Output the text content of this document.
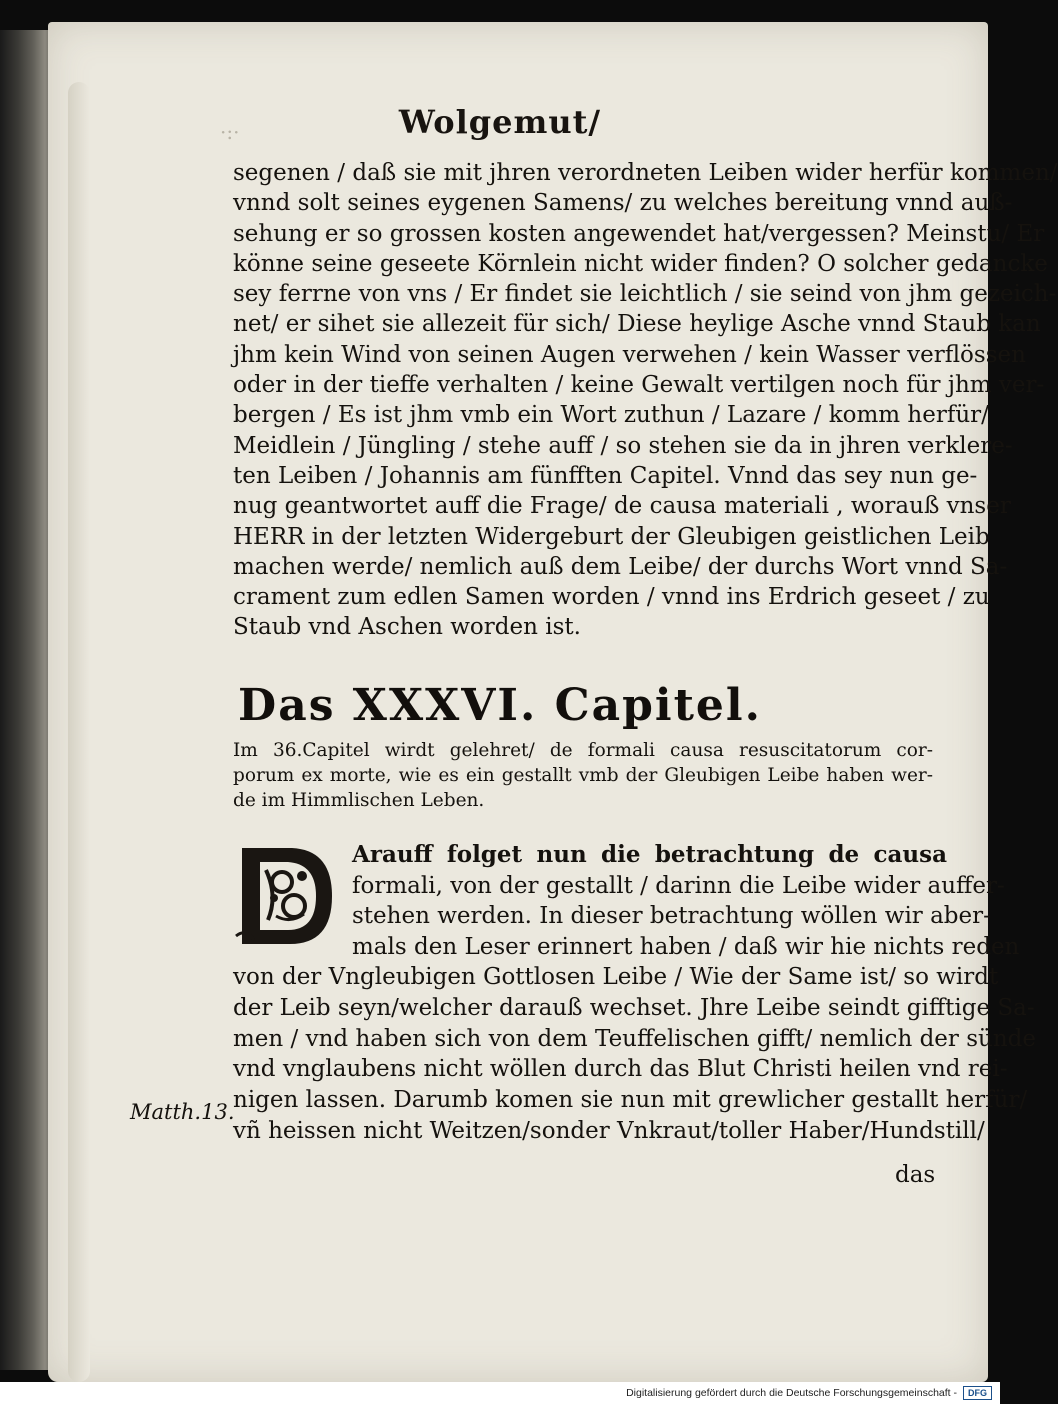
·:·	Wolgemut/
segenen / daß sie mit jhren verordneten Leiben wider herfür kommen/
vnnd solt seines eygenen Samens/ zu welches bereitung vnnd auß-
sehung er so grossen kosten angewendet hat/vergessen? Meinstu/ Er
könne seine geseete Körnlein nicht wider finden? O solcher gedancke
sey ferrne von vns / Er findet sie leichtlich / sie seind von jhm gezeich-
net/ er sihet sie allezeit für sich/ Diese heylige Asche vnnd Staub kan
jhm kein Wind von seinen Augen verwehen / kein Wasser verflössen
oder in der tieffe verhalten / keine Gewalt vertilgen noch für jhm ver-
bergen / Es ist jhm vmb ein Wort zuthun / Lazare / komm herfür/
Meidlein / Jüngling / stehe auff / so stehen sie da in jhren verklere-
ten Leiben / Johannis am fünfften Capitel. Vnnd das sey nun ge-
nug geantwortet auff die Frage/ de causa materiali , worauß vnser
HERR in der letzten Widergeburt der Gleubigen geistlichen Leib
machen werde/ nemlich auß dem Leibe/ der durchs Wort vnnd Sa-
crament zum edlen Samen worden / vnnd ins Erdrich geseet / zu
Staub vnd Aschen worden ist.
Das XXXVI. Capitel.
Im 36.Capitel wirdt gelehret/ de formali causa resuscitatorum cor-
porum ex morte, wie es ein gestallt vmb der Gleubigen Leibe haben wer-
de im Himmlischen Leben.
Arauff folget nun die betrachtung de causa
formali, von der gestallt / darinn die Leibe wider auffer-
stehen werden. In dieser betrachtung wöllen wir aber-
mals den Leser erinnert haben / daß wir hie nichts reden
von der Vngleubigen Gottlosen Leibe / Wie der Same ist/ so wirdt
der Leib seyn/welcher darauß wechset. Jhre Leibe seindt gifftige Sa-
men / vnd haben sich von dem Teuffelischen gifft/ nemlich der sünde
vnd vnglaubens nicht wöllen durch das Blut Christi heilen vnd rei-
nigen lassen. Darumb komen sie nun mit grewlicher gestallt herfür/
vñ heissen nicht Weitzen/sonder Vnkraut/toller Haber/Hundstill/
Matth.13.
das
Digitalisierung gefördert durch die Deutsche Forschungsgemeinschaft -	DFG
